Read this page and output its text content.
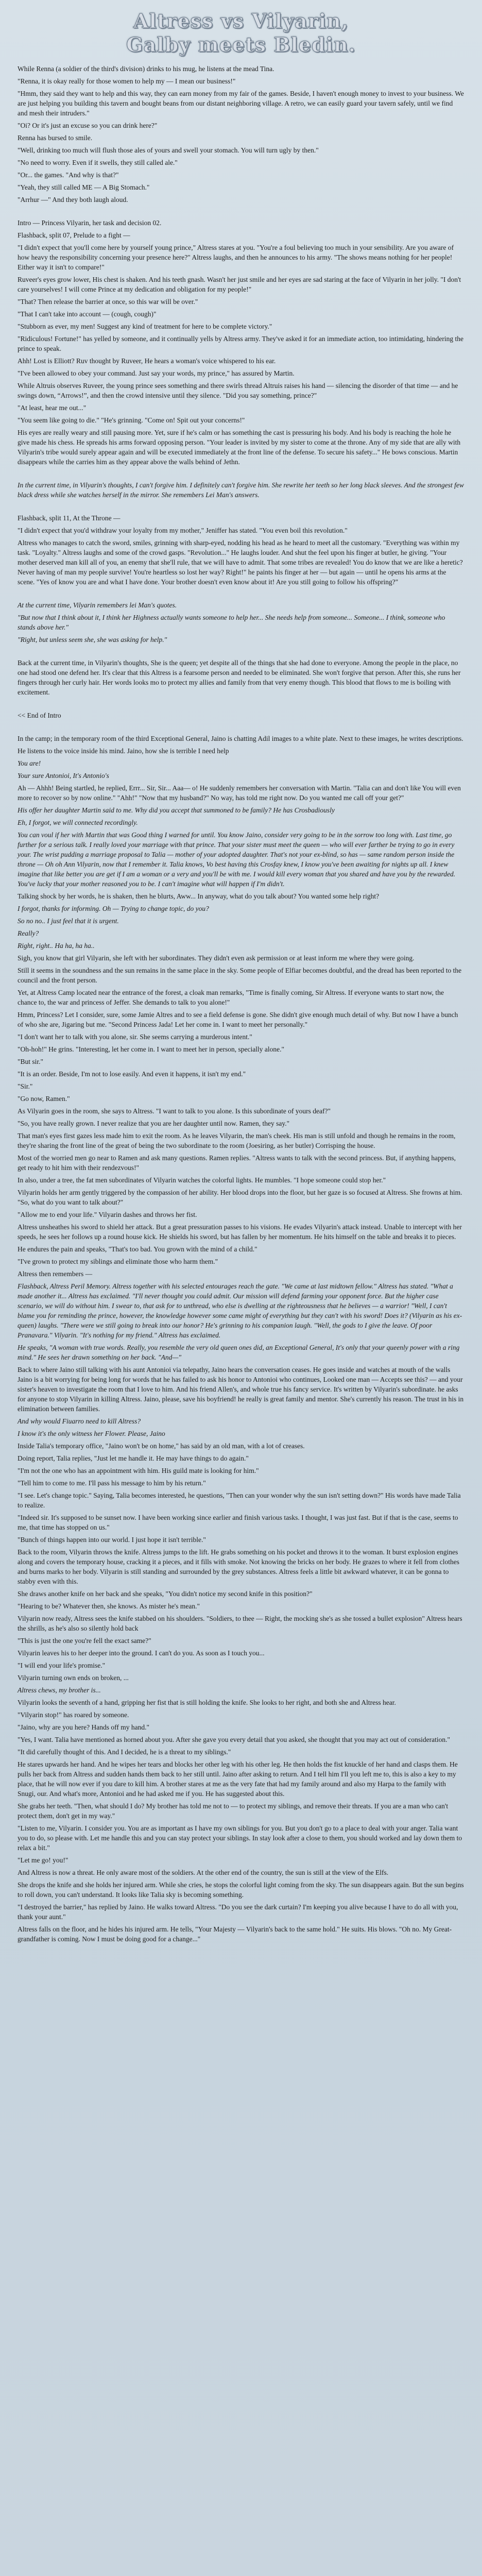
Altress vs Vilyarin,
Galby meets Bledin.

While Renna (a soldier of the third's division) drinks to his mug, he listens at the mead Tina.

"Renna, it is okay really for those women to help my — I mean our business!"

"Hmm, they said they want to help and this way, they can earn money from my fair of the games. Beside, I haven't enough money to invest to your business. We are just helping you building this tavern and bought beans from our distant neighboring village. A retro, we can easily guard your tavern safely, until we find and mesh their intruders."

"Oi? Or it's just an excuse so you can drink here?"

Renna has bursed to smile.

"Well, drinking too much will flush those ales of yours and swell your stomach. You will turn ugly by then."

"No need to worry. Even if it swells, they still called ale."

"Or... the games. "And why is that?"

"Yeah, they still called ME — A Big Stomach."

"Arrhur —" And they both laugh aloud.

Intro — Princess Vilyarin, her task and decision 02.

Flashback, split 07, Prelude to a fight —

"I didn't expect that you'll come here by yourself young prince," Altress stares at you. "You're a foul believing too much in your sensibility. Are you aware of how heavy the responsibility concerning your presence here?" Altress laughs, and then he announces to his army. "The shows means nothing for her people! Either way it isn't to compare!"

Ruveer's eyes grow lower, His chest is shaken. And his teeth gnash. Wasn't her just smile and her eyes are sad staring at the face of Vilyarin in her jolly. "I don't care yourselves! I will come Prince at my dedication and obligation for my people!"

"That? Then release the barrier at once, so this war will be over."

"That I can't take into account — (cough, cough)"

"Stubborn as ever, my men! Suggest any kind of treatment for here to be complete victory."

"Ridiculous! Fortune!" has yelled by someone, and it continually yells by Altress army. They've asked it for an immediate action, too intimidating, hindering the prince to speak.

Ahh! Lost is Elliott? Ruv thought by Ruveer, He hears a woman's voice whispered to his ear.

"I've been allowed to obey your command. Just say your words, my prince," has assured by Martin.

While Altruis observes Ruveer, the young prince sees something and there swirls thread Altruis raises his hand — silencing the disorder of that time — and he swings down, “Arrows!”, and then the crowd intensive until they silence. "Did you say something, prince?"

"At least, hear me out..."

"You seem like going to die." "He's grinning. "Come on! Spit out your concerns!"

His eyes are really weary and still pausing more. Yet, sure if he's calm or has something the cast is pressuring his body. And his body is reaching the hole he give made his chess. He spreads his arms forward opposing person. "Your leader is invited by my sister to come at the throne. Any of my side that are ally with Vilyarin's tribe would surely appear again and will be executed immediately at the front line of the defense. To secure his safety..." He bows conscious. Martin disappears while the carries him as they appear above the walls behind of Jethn.

In the current time, in Vilyarin's thoughts, I can't forgive him. I definitely can't forgive him. She rewrite her teeth so her long black sleeves. And the strongest few black dress while she watches herself in the mirror. She remembers Lei Man's answers.

Flashback, split 11, At the Throne —

"I didn't expect that you'd withdraw your loyalty from my mother," Jeniffer has stated. "You even boil this revolution."

Altress who manages to catch the sword, smiles, grinning with sharp-eyed, nodding his head as he heard to meet all the customary. "Everything was within my task. "Loyalty." Altress laughs and some of the crowd gasps. "Revolution..." He laughs louder. And shut the feel upon his finger at butler, he giving. "Your mother deserved man kill all of you, an enemy that she'll rule, that we will have to admit. That some tribes are revealed! You do know that we are like a heretic? Never having of man my people survive! You're heartless so lost her way? Right!" he paints his finger at her — but again — until he opens his arms at the scene. "Yes of know you are and what I have done. Your brother doesn't even know about it! Are you still going to follow his offspring?"

At the current time, Vilyarin remembers lei Man's quotes.

"But now that I think about it, I think her Highness actually wants someone to help her... She needs help from someone... Someone... I think, someone who stands above her."

"Right, but unless seem she, she was asking for help."

Back at the current time, in Vilyarin's thoughts, She is the queen; yet despite all of the things that she had done to everyone. Among the people in the place, no one had stood one defend her. It's clear that this Altress is a fearsome person and needed to be eliminated. She won't forgive that person. After this, she runs her fingers through her curly hair. Her words looks mo to protect my allies and family from that very enemy though. This blood that flows to me is boiling with excitement.

<< End of Intro

In the camp; in the temporary room of the third Exceptional General, Jaino is chatting Adil images to a white plate. Next to these images, he writes descriptions.

He listens to the voice inside his mind. Jaino, how she is terrible I need help

You are!

Your sure Antonioi, It's Antonio's

Ah — Ahhh! Being startled, he replied, Errr... Sir, Sir... Aaa— o! He suddenly remembers her conversation with Martin. "Talia can and don't like You will even more to recover so by now online." "Ahh!" "Now that my husband?" No way, has told me right now. Do you wanted me call off your get?"

His offer her daughter Martin said to me. Why did you accept that summoned to be family? He has Crosbadiously

Eh, I forgot, we will connected recordingly.

You can voul if her with Martin that was Good thing I warned for until. You know Jaino, consider very going to be in the sorrow too long with. Last time, go further for a serious talk. I really loved your marriage with that prince. That your sister must meet the queen — who will ever farther be trying to go in every your. The wrist pudding a marriage proposal to Talia — mother of your adopted daughter. That's not your ex-blind, so has — same random person inside the throne — Oh oh Ann Vilyarin, now that I remember it. Talia knows, Vo best having this Crosfay knew, I know you've been awaiting for nights up all. I knew imagine that like better you are get if I am a woman or a very and you'll be with me. I would kill every woman that you shared and have you by the rewarded. You've lucky that your mother reasoned you to be. I can't imagine what will happen if I'm didn't.

Talking shock by her words, he is shaken, then he blurts, Aww... In anyway, what do you talk about? You wanted some help right?

I forgot, thanks for informing. Oh — Trying to change topic, do you?

So no no.. I just feel that it is urgent.

Really?

Right, right.. Ha ha, ha ha..

Sigh, you know that girl Vilyarin, she left with her subordinates. They didn't even ask permission or at least inform me where they were going.

Still it seems in the soundness and the sun remains in the same place in the sky. Some people of Elfiar becomes doubtful, and the dread has been reported to the council and the front person.

Yet, at Altress Camp located near the entrance of the forest, a cloak man remarks, "Time is finally coming, Sir Altress. If everyone wants to start now, the chance to, the war and princess of Jeffer. She demands to talk to you alone!"

Hmm, Princess? Let I consider, sure, some Jamie Altres and to see a field defense is gone. She didn't give enough much detail of why. But now I have a bunch of who she are, Jigaring but me. "Second Princess Jada! Let her come in. I want to meet her personally."

"I don't want her to talk with you alone, sir. She seems carrying a murderous intent."

"Oh-hoh!" He grins. "Interesting, let her come in. I want to meet her in person, specially alone."

"But sir."

"It is an order. Beside, I'm not to lose easily. And even it happens, it isn't my end."

"Sir."

"Go now, Ramen."

As Vilyarin goes in the room, she says to Altress. "I want to talk to you alone. Is this subordinate of yours deaf?"

"So, you have really grown. I never realize that you are her daughter until now. Ramen, they say."

That man's eyes first gazes less made him to exit the room. As he leaves Vilyarin, the man's cheek. His man is still unfold and though he remains in the room, they're sharing the front line of the great of being the two subordinate to the room (Joesiring, as her butler) Corrisping the house.

Most of the worried men go near to Ramen and ask many questions. Ramen replies. "Altress wants to talk with the second princess. But, if anything happens, get ready to hit him with their rendezvous!"

In also, under a tree, the fat men subordinates of Vilyarin watches the colorful lights. He mumbles. "I hope someone could stop her."

Vilyarin holds her arm gently triggered by the compassion of her ability. Her blood drops into the floor, but her gaze is so focused at Altress. She frowns at him. "So, what do you want to talk about?"

"Allow me to end your life." Vilyarin dashes and throws her fist.

Altress unsheathes his sword to shield her attack. But a great pressuration passes to his visions. He evades Vilyarin's attack instead. Unable to intercept with her speeds, he sees her follows up a round house kick. He shields his sword, but has fallen by her momentum. He hits himself on the table and breaks it to pieces.

He endures the pain and speaks, "That's too bad. You grown with the mind of a child."

"I've grown to protect my siblings and eliminate those who harm them."

Altress then remembers —

Flashback, Altress Peril Memory. Altress together with his selected entourages reach the gate. "We came at last midtown fellow." Altress has stated. "What a made another it... Altress has exclaimed. "I'll never thought you could admit. Our mission will defend farming your opponent force. But the higher case scenario, we will do without him. I swear to, that ask for to unthread, who else is dwelling at the righteousness that he believes — a warrior! "Well, I can't blame you for reminding the prince, however, the knowledge however some came might of everything but they can't with his sword! Does it? (Vilyarin as his ex-queen) laughs. "There were we still going to break into our honor? He's grinning to his companion laugh. "Well, the gods to I give the leave. Of poor Pranavara." Vilyarin. "It's nothing for my friend." Altress has exclaimed.

He speaks, "A woman with true words. Really, you resemble the very old queen ones did, an Exceptional General, It's only that your queenly power with a ring mind." He sees her drawn something on her back. "And—"

Back to where Jaino still talking with his aunt Antonioi via telepathy, Jaino hears the conversation ceases. He goes inside and watches at mouth of the walls Jaino is a bit worrying for being long for words that he has failed to ask his honor to Antonioi who continues, Looked one man — Accepts see this? — and your sister's heaven to investigate the room that I love to him. And his friend Allen's, and whole true his fancy service. It's written by Vilyarin's subordinate. he asks for anyone to stop Vilyarin in killing Altress. Jaino, please, save his boyfriend! he really is great family and mentor. She's currently his reason. The trust in his in elimination between families.

And why would Fiuarro need to kill Altress?

I know it's the only witness her Flower. Please, Jaino

Inside Talia's temporary office, "Jaino won't be on home," has said by an old man, with a lot of creases.

Doing report, Talia replies, "Just let me handle it. He may have things to do again."

"I'm not the one who has an appointment with him. His guild mate is looking for him."

"Tell him to come to me. I'll pass his message to him by his return."

"I see. Let's change topic." Saying, Talia becomes interested, he questions, "Then can your wonder why the sun isn't setting down?" His words have made Talia to realize.

"Indeed sir. It's supposed to be sunset now. I have been working since earlier and finish various tasks. I thought, I was just fast. But if that is the case, seems to me, that time has stopped on us."

"Bunch of things happen into our world. I just hope it isn't terrible."

Back to the room, Vilyarin throws the knife. Altress jumps to the lift. He grabs something on his pocket and throws it to the woman. It burst explosion engines along and covers the temporary house, cracking it a pieces, and it fills with smoke. Not knowing the bricks on her body. He grazes to where it fell from clothes and burns marks to her body. Vilyarin is still standing and surrounded by the grey substances. Altress feels a little bit awkward whatever, it can be gonna to stabby even with this.

She draws another knife on her back and she speaks, "You didn't notice my second knife in this position?"

"Hearing to be? Whatever then, she knows. As mister he's mean."

Vilyarin now ready, Altress sees the knife stabbed on his shoulders. "Soldiers, to thee — Right, the mocking she's as she tossed a bullet explosion" Altress hears the shrills, as he's also so silently hold back

"This is just the one you're fell the exact same?"

Vilyarin leaves his to her deeper into the ground. I can't do you. As soon as I touch you...

"I will end your life's promise."

Vilyarin turning own ends on broken, ...

Altress chews, my brother is...

Vilyarin looks the seventh of a hand, gripping her fist that is still holding the knife. She looks to her right, and both she and Altress hear.

"Vilyarin stop!" has roared by someone.

"Jaino, why are you here? Hands off my hand."

"Yes, I want. Talia have mentioned as horned about you. After she gave you every detail that you asked, she thought that you may act out of consideration."

"It did carefully thought of this. And I decided, he is a threat to my siblings."

He stares upwards her hand. And he wipes her tears and blocks her other leg with his other leg. He then holds the fist knuckle of her hand and clasps them. He pulls her back from Altress and sudden hands them back to her still until. Jaino after asking to return. And I tell him I'll you left me to, this is also a key to my place, that he will now ever if you dare to kill him. A brother stares at me as the very fate that had my family around and also my Harpa to the family with Snugi, our. And what's more, Antonioi and he had asked me if you. He has suggested about this.

She grabs her teeth. "Then, what should I do? My brother has told me not to — to protect my siblings, and remove their threats. If you are a man who can't protect them, don't get in my way."

"Listen to me, Vilyarin. I consider you. You are as important as I have my own siblings for you. But you don't go to a place to deal with your anger. Talia want you to do, so please with. Let me handle this and you can stay protect your siblings. In stay look after a close to them, you should worked and lay down them to relax a bit."

"Let me go! you!"

And Altress is now a threat. He only aware most of the soldiers. At the other end of the country, the sun is still at the view of the Elfs.

She drops the knife and she holds her injured arm. While she cries, he stops the colorful light coming from the sky. The sun disappears again. But the sun begins to roll down, you can't understand. It looks like Talia sky is becoming something.

"I destroyed the barrier," has replied by Jaino. He walks toward Altress. "Do you see the dark curtain? I'm keeping you alive because I have to do all with you, thank your aunt."

Altress falls on the floor, and he hides his injured arm. He tells, "Your Majesty — Vilyarin's back to the same hold." He suits. His blows. "Oh no. My Great-grandfather is coming. Now I must be doing good for a change..."
